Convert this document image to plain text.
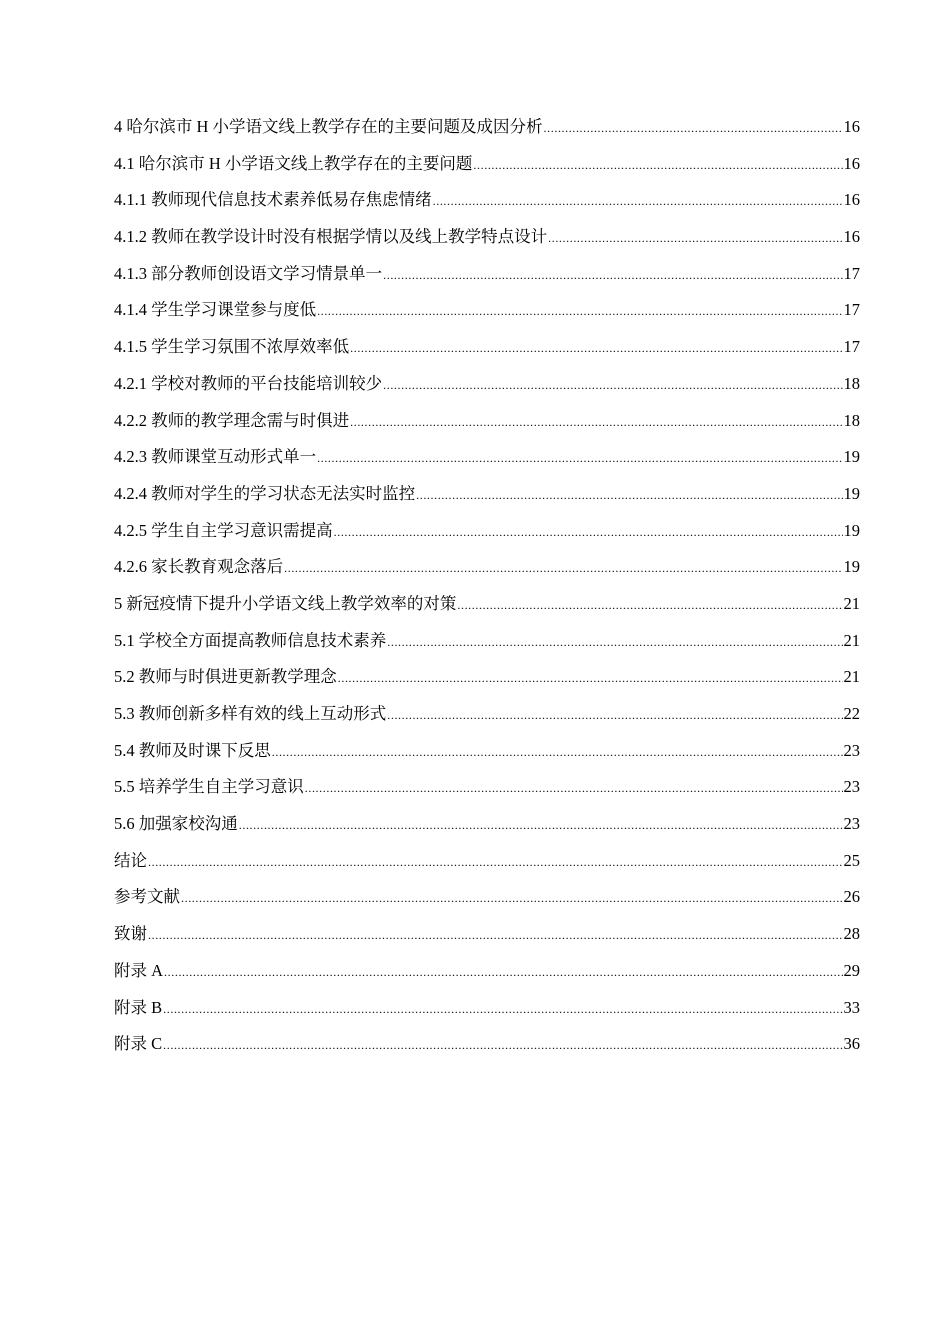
4 哈尔滨市 H 小学语文线上教学存在的主要问题及成因分析 .....	16
4.1 哈尔滨市 H 小学语文线上教学存在的主要问题 .....	16
4.1.1 教师现代信息技术素养低易存焦虑情绪 .....	16
4.1.2 教师在教学设计时没有根据学情以及线上教学特点设计 .....	16
4.1.3 部分教师创设语文学习情景单一 .....	17
4.1.4 学生学习课堂参与度低 .....	17
4.1.5 学生学习氛围不浓厚效率低 .....	17
4.2.1 学校对教师的平台技能培训较少 .....	18
4.2.2 教师的教学理念需与时俱进 .....	18
4.2.3 教师课堂互动形式单一 .....	19
4.2.4 教师对学生的学习状态无法实时监控 .....	19
4.2.5 学生自主学习意识需提高 .....	19
4.2.6 家长教育观念落后 .....	19
5 新冠疫情下提升小学语文线上教学效率的对策 .....	21
5.1 学校全方面提高教师信息技术素养 .....	21
5.2 教师与时俱进更新教学理念 .....	21
5.3 教师创新多样有效的线上互动形式 .....	22
5.4 教师及时课下反思 .....	23
5.5 培养学生自主学习意识 .....	23
5.6 加强家校沟通 .....	23
结论 .....	25
参考文献 .....	26
致谢 .....	28
附录 A .....	29
附录 B .....	33
附录 C .....	36
